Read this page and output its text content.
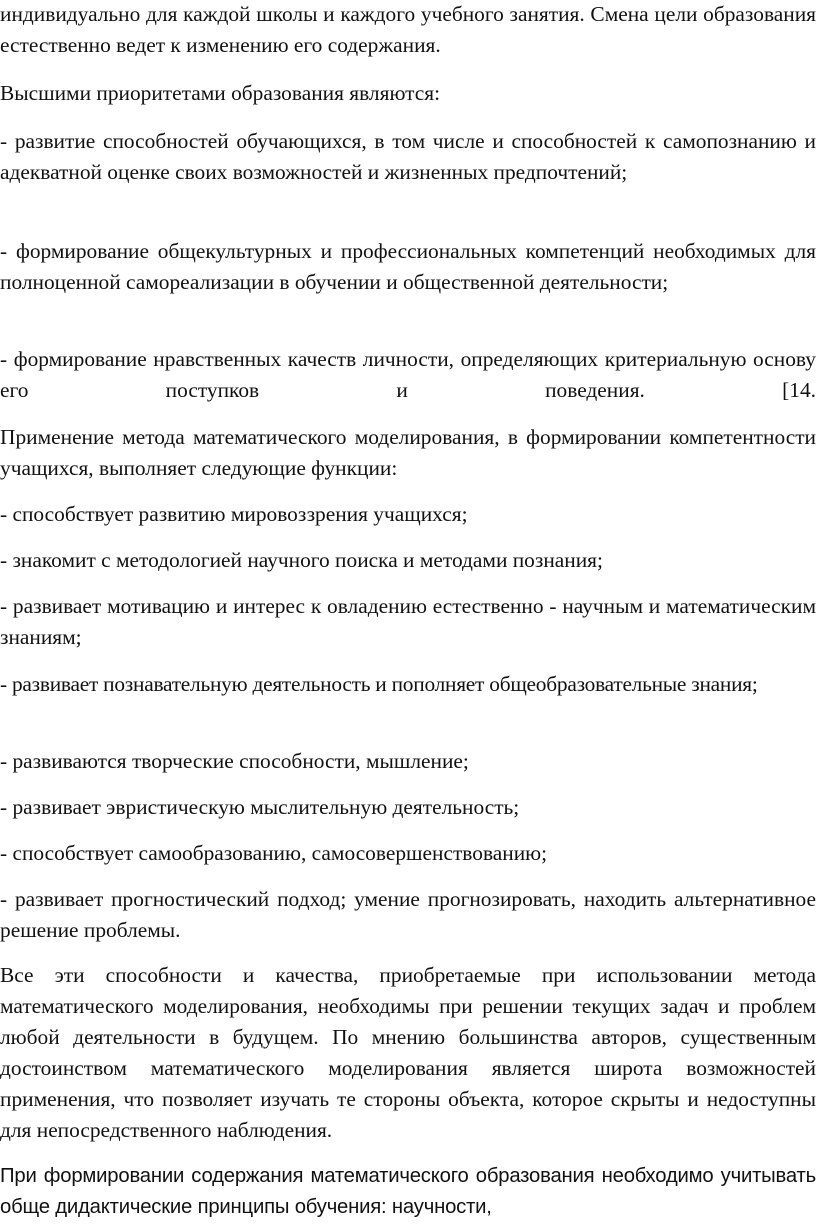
индивидуально для каждой школы и каждого учебного занятия. Смена цели образования естественно ведет к изменению его содержания.

Высшими приоритетами образования являются:

- развитие способностей обучающихся, в том числе и способностей к самопознанию и адекватной оценке своих возможностей и жизненных предпочтений;

- формирование общекультурных и профессиональных компетенций необходимых для полноценной самореализации в обучении и общественной деятельности;

- формирование нравственных качеств личности, определяющих критериальную основу его поступков и поведения. [14.

Применение метода математического моделирования, в формировании компетентности учащихся, выполняет следующие функции:

- способствует развитию мировоззрения учащихся;

- знакомит с методологией научного поиска и методами познания;

- развивает мотивацию и интерес к овладению естественно - научным и математическим знаниям;

- развивает познавательную деятельность и пополняет общеобразовательные знания;

- развиваются творческие способности, мышление;

- развивает эвристическую мыслительную деятельность;

- способствует самообразованию, самосовершенствованию;

- развивает прогностический подход; умение прогнозировать, находить альтернативное решение проблемы.

Все эти способности и качества, приобретаемые при использовании метода математического моделирования, необходимы при решении текущих задач и проблем любой деятельности в будущем. По мнению большинства авторов, существенным достоинством математического моделирования является широта возможностей применения, что позволяет изучать те стороны объекта, которое скрыты и недоступны для непосредственного наблюдения.

При формировании содержания математического образования необходимо учитывать обще дидактические принципы обучения: научности,
